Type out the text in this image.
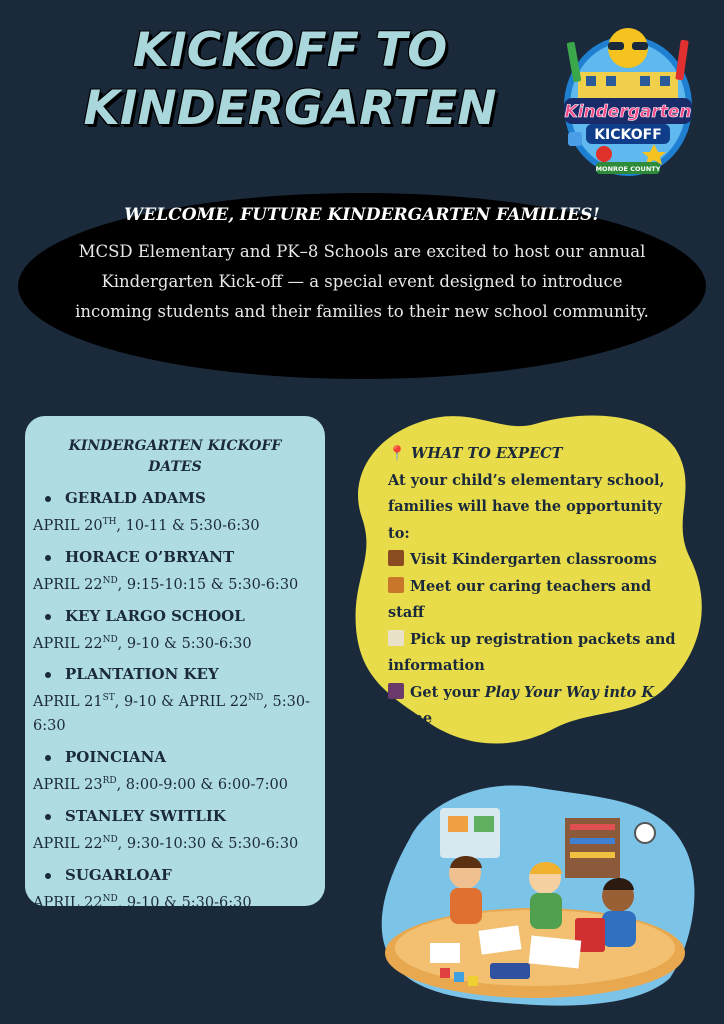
KICKOFF TO
KINDERGARTEN	Kindergarten
KICKOFF
MONROE COUNTY
WELCOME, FUTURE KINDERGARTEN FAMILIES!
MCSD Elementary and PK–8 Schools are excited to host our annual Kindergarten Kick-off — a special event designed to introduce incoming students and their families to their new school community.
KINDERGARTEN KICKOFF DATES
GERALD ADAMS
APRIL 20TH, 10-11 & 5:30-6:30
HORACE O’BRYANT
APRIL 22ND, 9:15-10:15 & 5:30-6:30
KEY LARGO SCHOOL
APRIL 22ND, 9-10 & 5:30-6:30
PLANTATION KEY
APRIL 21ST, 9-10 & APRIL 22ND, 5:30-6:30
POINCIANA
APRIL 23RD, 8:00-9:00 & 6:00-7:00
STANLEY SWITLIK
APRIL 22ND, 9:30-10:30 & 5:30-6:30
SUGARLOAF
APRIL 22ND, 9-10 & 5:30-6:30
📍 WHAT TO EXPECT
At your child’s elementary school, families will have the opportunity to:
Visit Kindergarten classrooms
Meet our caring teachers and staff
Pick up registration packets and information
Get your Play Your Way into K game
